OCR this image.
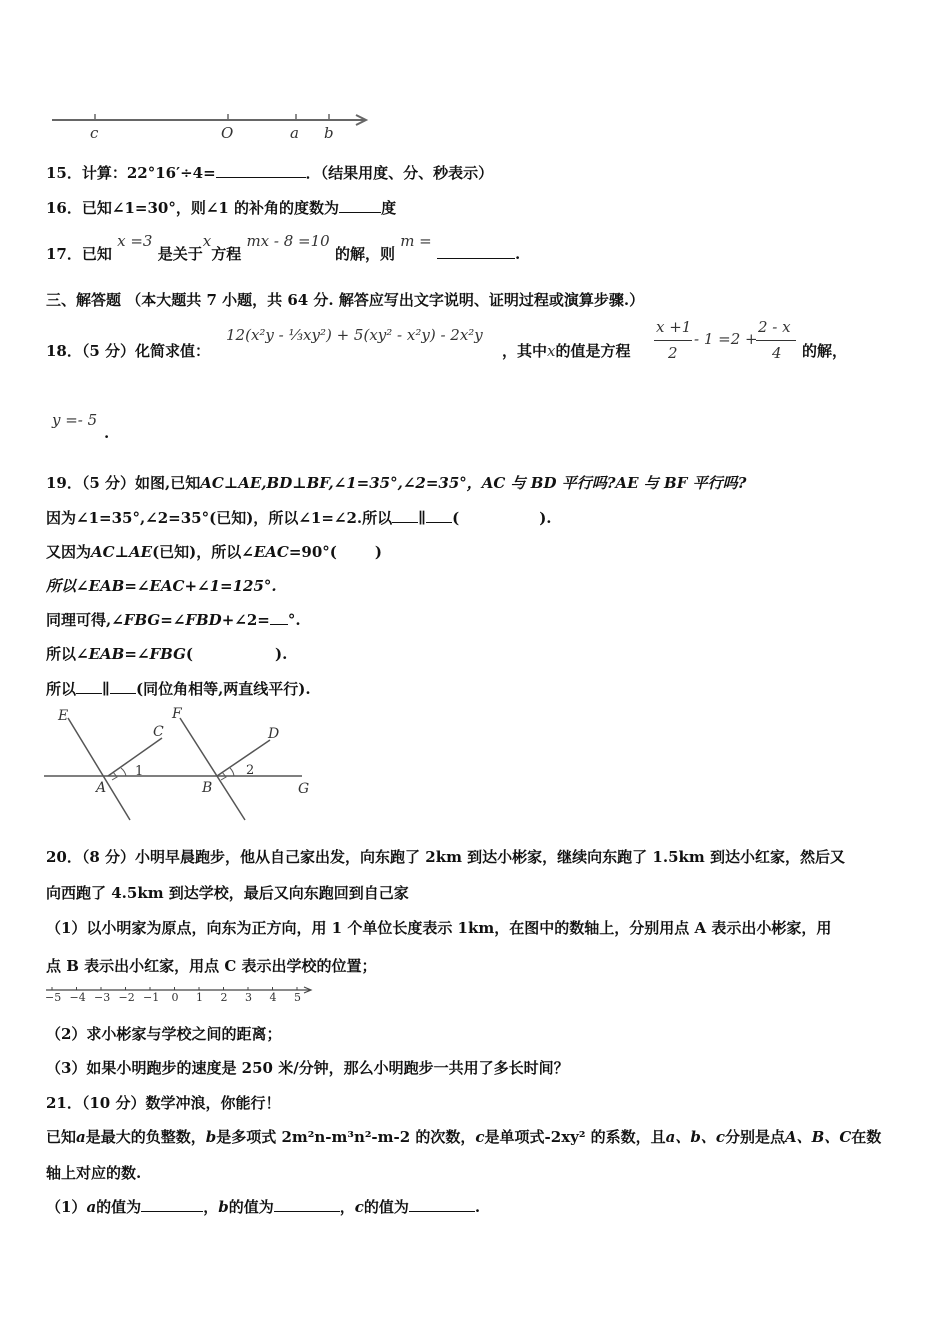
c	O	a b
15．计算：22°16′÷4=	．（结果用度、分、秒表示）
16．已知∠1=30°，则∠1 的补角的度数为	度
17．已知 x =3 是关于x方程 mx - 8 =10 的解，则 m = .
三、解答题 （本大题共 7 小题，共 64 分. 解答应写出文字说明、证明过程或演算步骤.）
18．（5 分）化简求值：
12(x²y - ⅓xy²) + 5(xy² - x²y) - 2x²y
，其中x的值是方程
x +1
2
- 1 =2 +
2 - x
4 的解，
y =- 5
.
19．（5 分）如图,已知AC⊥AE,BD⊥BF,∠1=35°,∠2=35°，AC 与 BD 平行吗?AE 与 BF 平行吗?
因为∠1=35°,∠2=35°(已知)，所以∠1=∠2.所以 ∥ (	).
又因为AC⊥AE(已知)，所以∠EAC=90°(	)
所以∠EAB=∠EAC+∠1=125°.
同理可得,∠FBG=∠FBD+∠2= °.
所以∠EAB=∠FBG(	).
所以 ∥ (同位角相等,两直线平行).
E
C
1
A
F
D
2
B	G
20．（8 分）小明早晨跑步，他从自己家出发，向东跑了 2km 到达小彬家，继续向东跑了 1.5km 到达小红家，然后又
向西跑了 4.5km 到达学校，最后又向东跑回到自己家
（1）以小明家为原点，向东为正方向，用 1 个单位长度表示 1km，在图中的数轴上，分别用点 A 表示出小彬家，用
点 B 表示出小红家，用点 C 表示出学校的位置；
−5 −4 −3 −2 −1 0 1 2 3 4 5
（2）求小彬家与学校之间的距离；
（3）如果小明跑步的速度是 250 米/分钟，那么小明跑步一共用了多长时间？
21．（10 分）数学冲浪，你能行！
已知a是最大的负整数，b是多项式 2m²n-m³n²-m-2 的次数，c是单项式-2xy² 的系数，且a、b、c分别是点A、B、C在数
轴上对应的数.
（1）a的值为	，b的值为	，c的值为	.
